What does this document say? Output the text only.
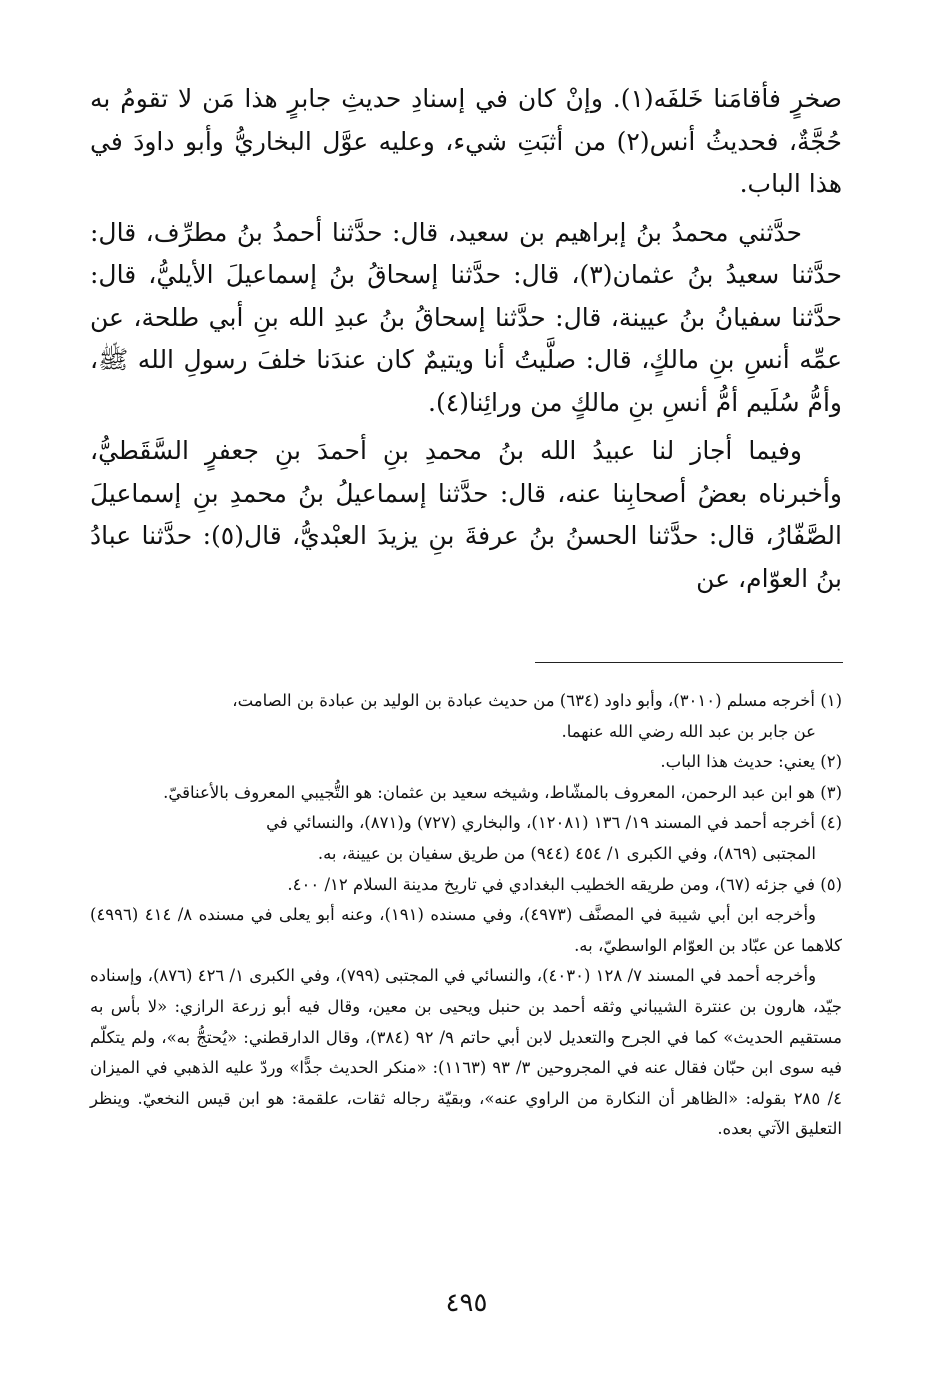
صخرٍ فأقامَنا خَلفَه(١). وإنْ كان في إسنادِ حديثِ جابرٍ هذا مَن لا تقومُ به حُجَّةٌ، فحديثُ أنس(٢) من أثبَتِ شيء، وعليه عوَّل البخاريُّ وأبو داودَ في هذا الباب.

حدَّثني محمدُ بنُ إبراهيم بن سعيد، قال: حدَّثنا أحمدُ بنُ مطرِّف، قال: حدَّثنا سعيدُ بنُ عثمان(٣)، قال: حدَّثنا إسحاقُ بنُ إسماعيلَ الأيليُّ، قال: حدَّثنا سفيانُ بنُ عيينة، قال: حدَّثنا إسحاقُ بنُ عبدِ الله بنِ أبي طلحة، عن عمِّه أنسِ بنِ مالكٍ، قال: صلَّيتُ أنا ويتيمٌ كان عندَنا خلفَ رسولِ الله ﷺ، وأمُّ سُلَيم أمُّ أنسِ بنِ مالكٍ من ورائِنا(٤).

وفيما أجاز لنا عبيدُ الله بنُ محمدِ بنِ أحمدَ بنِ جعفرٍ السَّقَطيُّ، وأخبرناه بعضُ أصحابِنا عنه، قال: حدَّثنا إسماعيلُ بنُ محمدِ بنِ إسماعيلَ الصَّفّارُ، قال: حدَّثنا الحسنُ بنُ عرفةَ بنِ يزيدَ العبْديُّ، قال(٥): حدَّثنا عبادُ بنُ العوّام، عن

(١) أخرجه مسلم (٣٠١٠)، وأبو داود (٦٣٤) من حديث عبادة بن الوليد بن عبادة بن الصامت،

عن جابر بن عبد الله رضي الله عنهما.

(٢) يعني: حديث هذا الباب.

(٣) هو ابن عبد الرحمن، المعروف بالمشّاط، وشيخه سعيد بن عثمان: هو التُّجيبي المعروف بالأعناقيّ.

(٤) أخرجه أحمد في المسند ١٩/ ١٣٦ (١٢٠٨١)، والبخاري (٧٢٧) و(٨٧١)، والنسائي في

المجتبى (٨٦٩)، وفي الكبرى ١/ ٤٥٤ (٩٤٤) من طريق سفيان بن عيينة، به.

(٥) في جزئه (٦٧)، ومن طريقه الخطيب البغدادي في تاريخ مدينة السلام ١٢/ ٤٠٠.

وأخرجه ابن أبي شيبة في المصنَّف (٤٩٧٣)، وفي مسنده (١٩١)، وعنه أبو يعلى في مسنده ٨/ ٤١٤ (٤٩٩٦) كلاهما عن عبّاد بن العوّام الواسطيّ، به.

وأخرجه أحمد في المسند ٧/ ١٢٨ (٤٠٣٠)، والنسائي في المجتبى (٧٩٩)، وفي الكبرى ١/ ٤٢٦ (٨٧٦)، وإسناده جيّد، هارون بن عنترة الشيباني وثقه أحمد بن حنبل ويحيى بن معين، وقال فيه أبو زرعة الرازي: «لا بأس به مستقيم الحديث» كما في الجرح والتعديل لابن أبي حاتم ٩/ ٩٢ (٣٨٤)، وقال الدارقطني: «يُحتجُّ به»، ولم يتكلّم فيه سوى ابن حبّان فقال عنه في المجروحين ٣/ ٩٣ (١١٦٣): «منكر الحديث جدًّا» وردّ عليه الذهبي في الميزان ٤/ ٢٨٥ بقوله: «الظاهر أن النكارة من الراوي عنه»، وبقيّة رجاله ثقات، علقمة: هو ابن قيس النخعيّ. وينظر التعليق الآتي بعده.

٤٩٥
